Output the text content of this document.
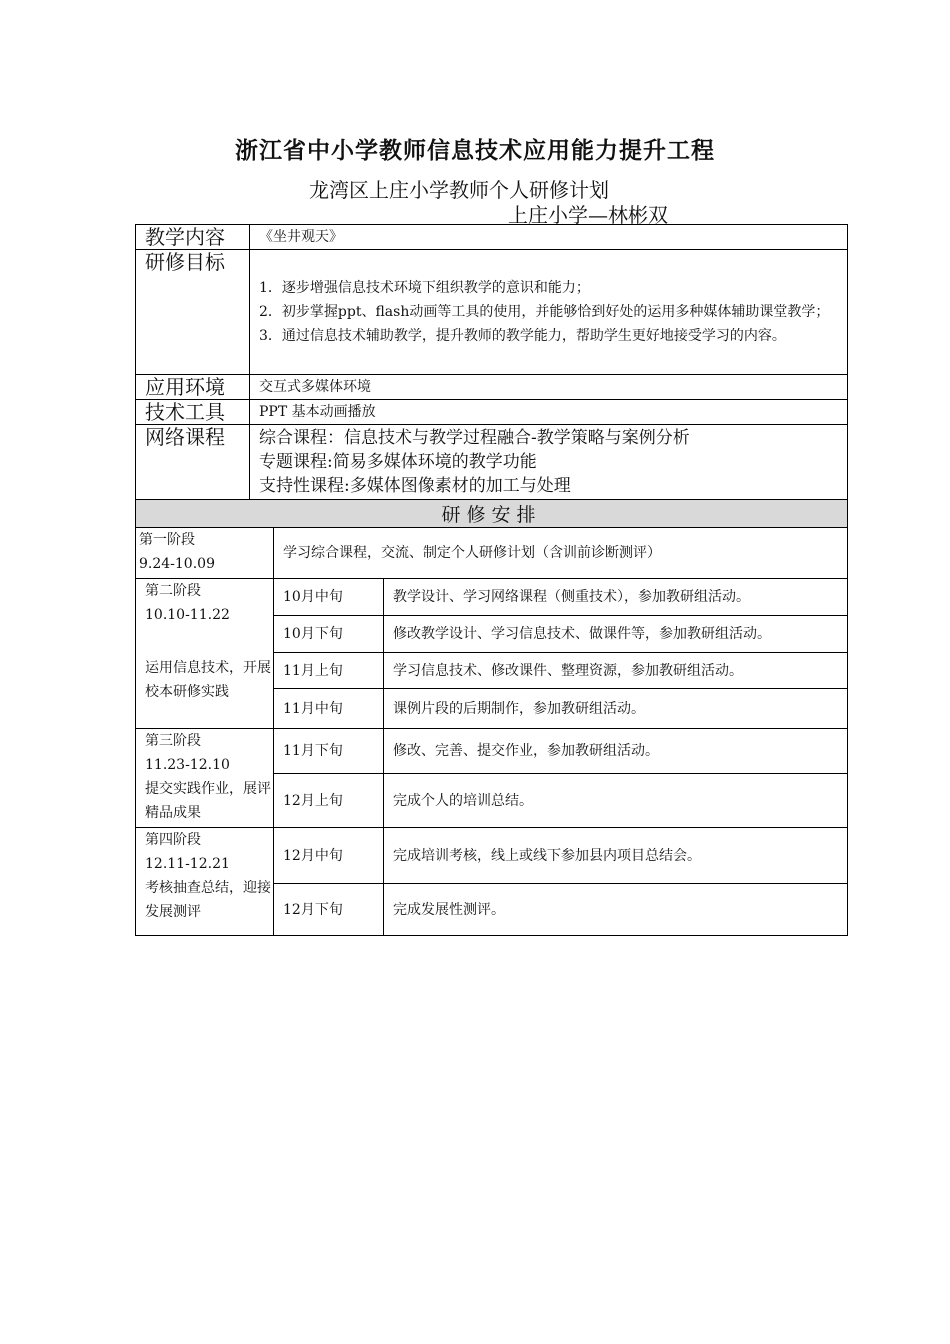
浙江省中小学教师信息技术应用能力提升工程
龙湾区上庄小学教师个人研修计划
上庄小学—林彬双
教学内容	《坐井观天》
研修目标	1．逐步增强信息技术环境下组织教学的意识和能力；
2．初步掌握ppt、flash动画等工具的使用，并能够恰到好处的运用多种媒体辅助课堂教学；
3．通过信息技术辅助教学，提升教师的教学能力，帮助学生更好地接受学习的内容。

应用环境	交互式多媒体环境
技术工具	PPT 基本动画播放
网络课程	综合课程：信息技术与教学过程融合-教学策略与案例分析
专题课程:简易多媒体环境的教学功能
支持性课程:多媒体图像素材的加工与处理

研修安排	
第一阶段
9.24-10.09	学习综合课程，交流、制定个人研修计划（含训前诊断测评）	

第二阶段
10.10-11.22
运用信息技术，开展校本研修实践	10月中旬	教学设计、学习网络课程（侧重技术），参加教研组活动。
	10月下旬	修改教学设计、学习信息技术、做课件等，参加教研组活动。
	11月上旬	学习信息技术、修改课件、整理资源，参加教研组活动。
	11月中旬	课例片段的后期制作，参加教研组活动。

第三阶段
11.23-12.10
提交实践作业，展评精品成果	11月下旬	修改、完善、提交作业，参加教研组活动。
	12月上旬	完成个人的培训总结。

第四阶段
12.11-12.21
考核抽查总结，迎接发展测评	12月中旬	完成培训考核，线上或线下参加县内项目总结会。
	12月下旬	完成发展性测评。
